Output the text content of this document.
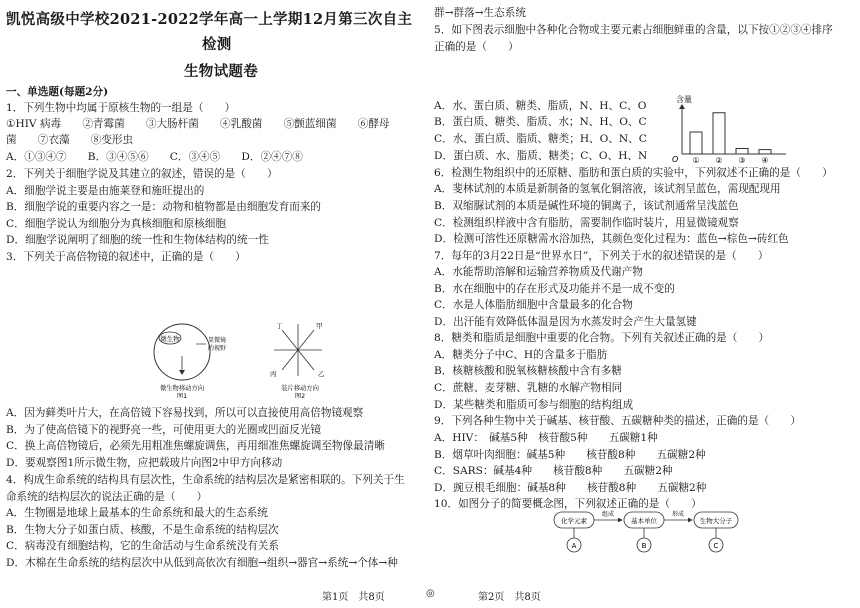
凯悦高级中学校2021-2022学年高一上学期12月第三次自主
检测
生物试题卷
一、单选题(每题2分)
1．下列生物中均属于原核生物的一组是（　　）
①HIV 病毒　　②青霉菌　　③大肠杆菌　　④乳酸菌　　⑤颤蓝细菌　　⑥酵母
菌　　⑦衣藻　　⑧变形虫
A．①③④⑦　　B．③④⑤⑥　　C．③④⑤　　D．②④⑦⑧
2．下列关于细胞学说及其建立的叙述，错误的是（　　）
A．细胞学说主要是由施莱登和施旺提出的
B．细胞学说的重要内容之一是：动物和植物都是由细胞发育而来的
C．细胞学说认为细胞分为真核细胞和原核细胞
D．细胞学说阐明了细胞的统一性和生物体结构的统一性
3．下列关于高倍物镜的叙述中，正确的是（　　）
微生物	显微镜
的视野
微生物移动方向
图1
丁	甲
丙	乙
装片移动方向
图2
A．因为藓类叶片大，在高倍镜下容易找到，所以可以直接使用高倍物镜观察
B．为了使高倍镜下的视野亮一些，可使用更大的光圈或凹面反光镜
C．换上高倍物镜后，必须先用粗准焦螺旋调焦，再用细准焦螺旋调至物像最清晰
D．要观察图1所示微生物，应把载玻片向图2中甲方向移动
4．构成生命系统的结构具有层次性，生命系统的结构层次是紧密相联的。下列关于生
命系统的结构层次的说法正确的是（　　）
A．生物圈是地球上最基本的生命系统和最大的生态系统
B．生物大分子如蛋白质、核酸，不是生命系统的结构层次
C．病毒没有细胞结构，它的生命活动与生命系统没有关系
D．木棉在生命系统的结构层次中从低到高依次有细胞→组织→器官→系统→个体→种
第1页　共8页	◎	第2页　共8页
群→群落→生态系统
5．如下图表示细胞中各种化合物或主要元素占细胞鲜重的含量，以下按①②③④排序
正确的是（　　）
A．水、蛋白质、糖类、脂质，N、H、C、O
B．蛋白质、糖类、脂质、水；N、H、O、C
C．水、蛋白质、脂质、糖类；H、O、N、C
D．蛋白质、水、脂质、糖类；C、O、H、N
含量
O ① ② ③ ④
6．检测生物组织中的还原糖、脂肪和蛋白质的实验中，下列叙述不正确的是（　　）
A．斐林试剂的本质是新制备的氢氧化铜溶液，该试剂呈蓝色，需现配现用
B．双缩脲试剂的本质是碱性环境的铜离子，该试剂通常呈浅蓝色
C．检测组织样液中含有脂肪，需要制作临时装片，用显微镜观察
D．检测可溶性还原糖需水浴加热，其颜色变化过程为：蓝色→棕色→砖红色
7．每年的3月22日是“世界水日”，下列关于水的叙述错误的是（　　）
A．水能帮助溶解和运输营养物质及代谢产物
B．水在细胞中的存在形式及功能并不是一成不变的
C．水是人体脂肪细胞中含量最多的化合物
D．出汗能有效降低体温是因为水蒸发时会产生大量氢键
8．糖类和脂质是细胞中重要的化合物。下列有关叙述正确的是（　　）
A．糖类分子中C、H的含量多于脂肪
B．核糖核酸和脱氧核糖核酸中含有多糖
C．蔗糖、麦芽糖、乳糖的水解产物相同
D．某些糖类和脂质可参与细胞的结构组成
9．下列各种生物中关于碱基、核苷酸、五碳糖种类的描述，正确的是（　　）
A．HIV：　碱基5种　核苷酸5种　　五碳糖1种
B．烟草叶肉细胞：碱基5种　　核苷酸8种　　五碳糖2种
C．SARS：碱基4种　　核苷酸8种　　五碳糖2种
D．豌豆根毛细胞：碱基8种　　核苷酸8种　　五碳糖2种
10．如图分子的简要概念图，下列叙述正确的是（　　）
化学元素
组成
基本单位
形成
生物大分子
A	B	C
